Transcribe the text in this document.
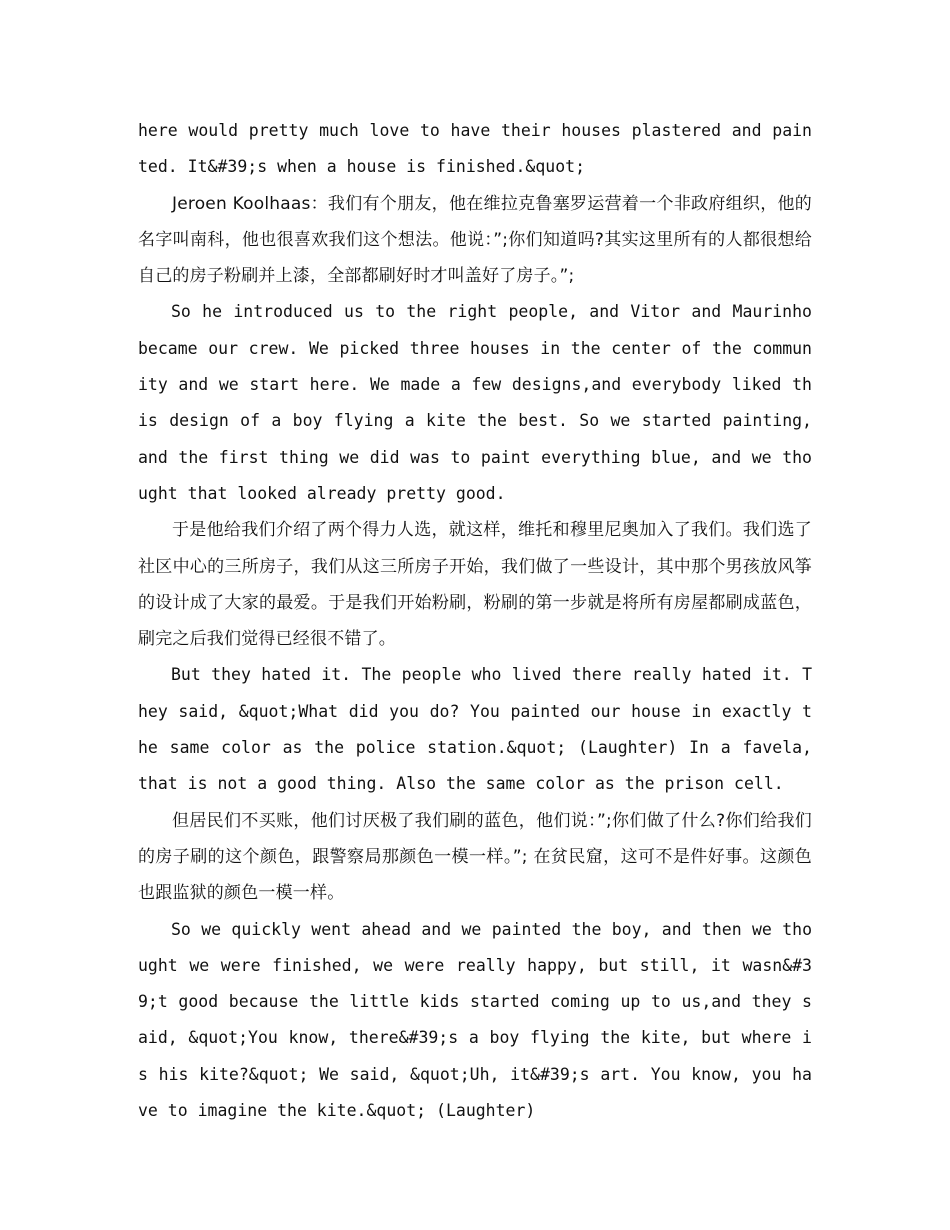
here would pretty much love to have their houses plastered and painted. It&#39;s when a house is finished.&quot;

Jeroen Koolhaas：我们有个朋友，他在维拉克鲁塞罗运营着一个非政府组织，他的名字叫南科，他也很喜欢我们这个想法。他说：”;你们知道吗?其实这里所有的人都很想给自己的房子粉刷并上漆，全部都刷好时才叫盖好了房子。”;

So he introduced us to the right people, and Vitor and Maurinho became our crew. We picked three houses in the center of the community and we start here. We made a few designs,and everybody liked this design of a boy flying a kite the best. So we started painting, and the first thing we did was to paint everything blue, and we thought that looked already pretty good.

于是他给我们介绍了两个得力人选，就这样，维托和穆里尼奥加入了我们。我们选了社区中心的三所房子，我们从这三所房子开始，我们做了一些设计，其中那个男孩放风筝的设计成了大家的最爱。于是我们开始粉刷，粉刷的第一步就是将所有房屋都刷成蓝色，刷完之后我们觉得已经很不错了。

But they hated it. The people who lived there really hated it. They said, &quot;What did you do? You painted our house in exactly the same color as the police station.&quot; (Laughter) In a favela, that is not a good thing. Also the same color as the prison cell.

但居民们不买账，他们讨厌极了我们刷的蓝色，他们说：”;你们做了什么?你们给我们的房子刷的这个颜色，跟警察局那颜色一模一样。”; 在贫民窟，这可不是件好事。这颜色也跟监狱的颜色一模一样。

So we quickly went ahead and we painted the boy, and then we thought we were finished, we were really happy, but still, it wasn&#39;t good because the little kids started coming up to us,and they said, &quot;You know, there&#39;s a boy flying the kite, but where is his kite?&quot; We said, &quot;Uh, it&#39;s art. You know, you have to imagine the kite.&quot; (Laughter)
